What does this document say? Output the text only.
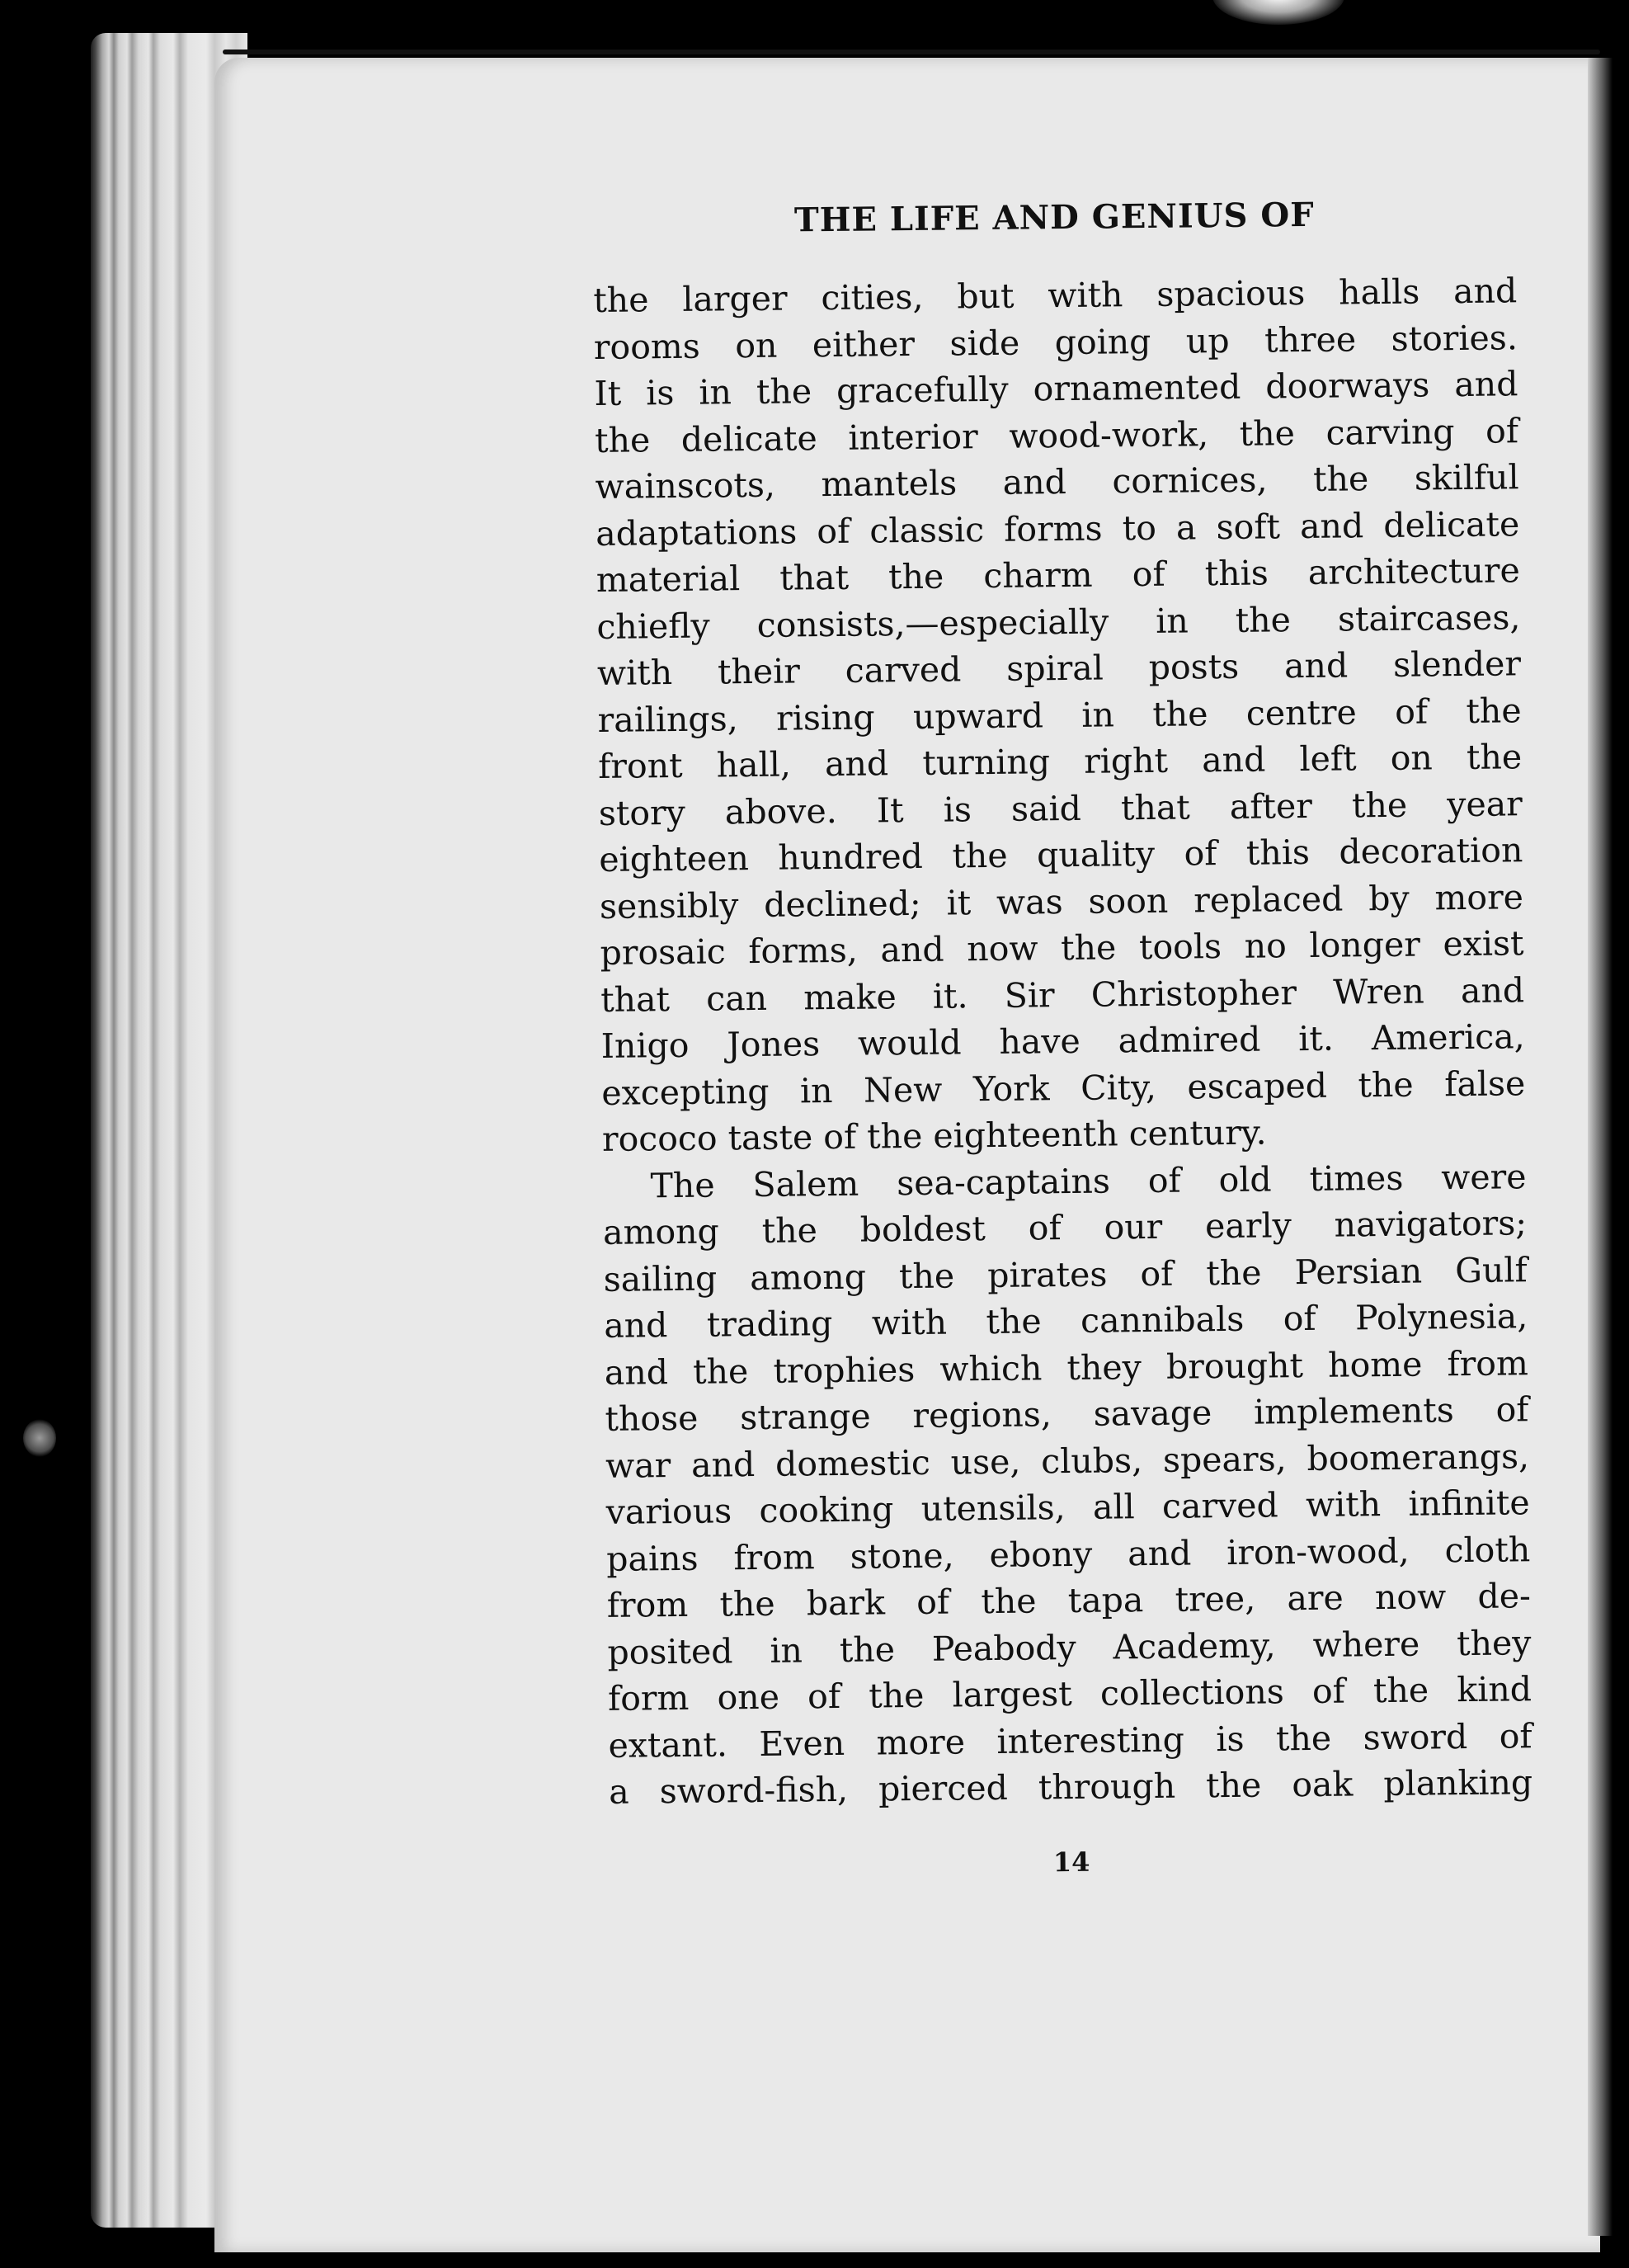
THE LIFE AND GENIUS OF
the larger cities, but with spacious halls and
rooms on either side going up three stories.
It is in the gracefully ornamented doorways and
the delicate interior wood-work, the carving of
wainscots, mantels and cornices, the skilful
adaptations of classic forms to a soft and delicate
material that the charm of this architecture
chiefly consists,—especially in the staircases,
with their carved spiral posts and slender
railings, rising upward in the centre of the
front hall, and turning right and left on the
story above. It is said that after the year
eighteen hundred the quality of this decoration
sensibly declined; it was soon replaced by more
prosaic forms, and now the tools no longer exist
that can make it. Sir Christopher Wren and
Inigo Jones would have admired it. America,
excepting in New York City, escaped the false
rococo taste of the eighteenth century.
The Salem sea-captains of old times were
among the boldest of our early navigators;
sailing among the pirates of the Persian Gulf
and trading with the cannibals of Polynesia,
and the trophies which they brought home from
those strange regions, savage implements of
war and domestic use, clubs, spears, boomerangs,
various cooking utensils, all carved with infinite
pains from stone, ebony and iron-wood, cloth
from the bark of the tapa tree, are now de-
posited in the Peabody Academy, where they
form one of the largest collections of the kind
extant. Even more interesting is the sword of
a sword-fish, pierced through the oak planking
14
